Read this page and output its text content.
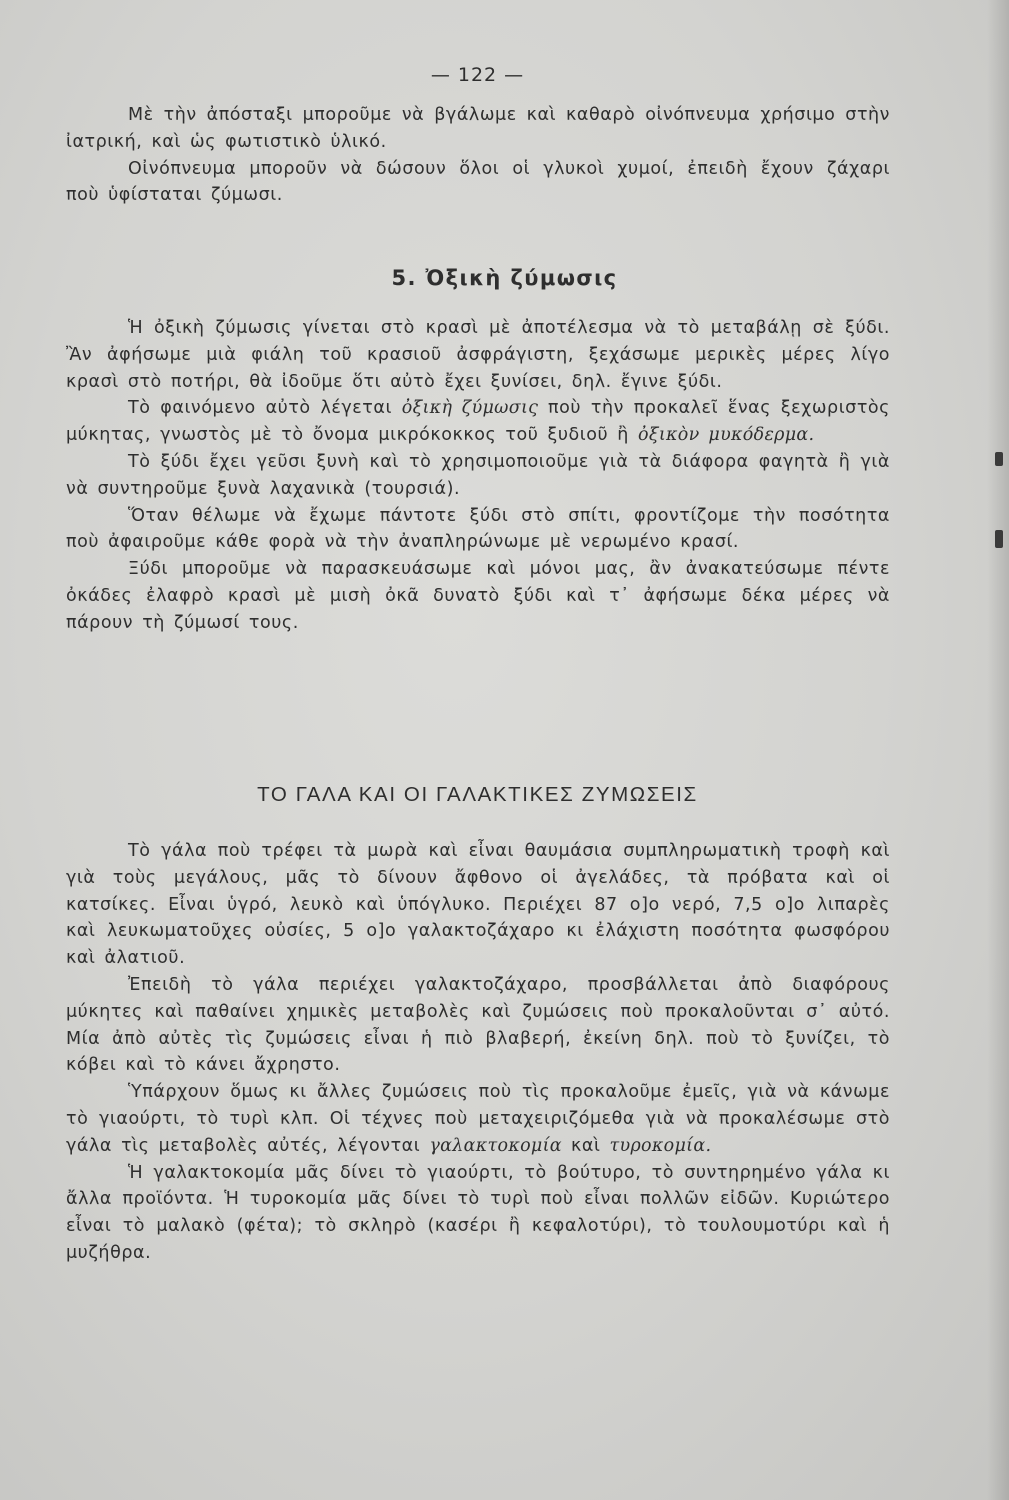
— 122 —

Μὲ τὴν ἀπόσταξι μποροῦμε νὰ βγάλωμε καὶ καθαρὸ οἰνόπνευμα χρήσιμο στὴν ἰατρική, καὶ ὡς φωτιστικὸ ὑλικό.

Οἰνόπνευμα μποροῦν νὰ δώσουν ὅλοι οἱ γλυκοὶ χυμοί, ἐπειδὴ ἔχουν ζάχαρι ποὺ ὑφίσταται ζύμωσι.

5. Ὀξικὴ ζύμωσις

Ἡ ὀξικὴ ζύμωσις γίνεται στὸ κρασὶ μὲ ἀποτέλεσμα νὰ τὸ μεταβάλῃ σὲ ξύδι. Ἂν ἀφήσωμε μιὰ φιάλη τοῦ κρασιοῦ ἀσφράγιστη, ξεχάσωμε μερικὲς μέρες λίγο κρασὶ στὸ ποτήρι, θὰ ἰδοῦμε ὅτι αὐτὸ ἔχει ξυνίσει, δηλ. ἔγινε ξύδι.

Τὸ φαινόμενο αὐτὸ λέγεται ὀξικὴ ζύμωσις ποὺ τὴν προκαλεῖ ἕνας ξεχωριστὸς μύκητας, γνωστὸς μὲ τὸ ὄνομα μικρόκοκκος τοῦ ξυδιοῦ ἢ ὀξικὸν μυκόδερμα.

Τὸ ξύδι ἔχει γεῦσι ξυνὴ καὶ τὸ χρησιμοποιοῦμε γιὰ τὰ διάφορα φαγητὰ ἢ γιὰ νὰ συντηροῦμε ξυνὰ λαχανικὰ (τουρσιά).

Ὅταν θέλωμε νὰ ἔχωμε πάντοτε ξύδι στὸ σπίτι, φροντίζομε τὴν ποσότητα ποὺ ἀφαιροῦμε κάθε φορὰ νὰ τὴν ἀναπληρώνωμε μὲ νερωμένο κρασί.

Ξύδι μποροῦμε νὰ παρασκευάσωμε καὶ μόνοι μας, ἂν ἀνακατεύσωμε πέντε ὀκάδες ἐλαφρὸ κρασὶ μὲ μισὴ ὀκᾶ δυνατὸ ξύδι καὶ τ᾿ ἀφήσωμε δέκα μέρες νὰ πάρουν τὴ ζύμωσί τους.

ΤΟ ΓΑΛΑ ΚΑΙ ΟΙ ΓΑΛΑΚΤΙΚΕΣ ΖΥΜΩΣΕΙΣ

Τὸ γάλα ποὺ τρέφει τὰ μωρὰ καὶ εἶναι θαυμάσια συμπληρωματικὴ τροφὴ καὶ γιὰ τοὺς μεγάλους, μᾶς τὸ δίνουν ἄφθονο οἱ ἀγελάδες, τὰ πρόβατα καὶ οἱ κατσίκες. Εἶναι ὑγρό, λευκὸ καὶ ὑπόγλυκο. Περιέχει 87 ο]ο νερό, 7,5 ο]ο λιπαρὲς καὶ λευκωματοῦχες οὐσίες, 5 ο]ο γαλακτοζάχαρο κι ἐλάχιστη ποσότητα φωσφόρου καὶ ἀλατιοῦ.

Ἐπειδὴ τὸ γάλα περιέχει γαλακτοζάχαρο, προσβάλλεται ἀπὸ διαφόρους μύκητες καὶ παθαίνει χημικὲς μεταβολὲς καὶ ζυμώσεις ποὺ προκαλοῦνται σ᾿ αὐτό. Μία ἀπὸ αὐτὲς τὶς ζυμώσεις εἶναι ἡ πιὸ βλαβερή, ἐκείνη δηλ. ποὺ τὸ ξυνίζει, τὸ κόβει καὶ τὸ κάνει ἄχρηστο.

Ὑπάρχουν ὅμως κι ἄλλες ζυμώσεις ποὺ τὶς προκαλοῦμε ἐμεῖς, γιὰ νὰ κάνωμε τὸ γιαούρτι, τὸ τυρὶ κλπ. Οἱ τέχνες ποὺ μεταχειριζόμεθα γιὰ νὰ προκαλέσωμε στὸ γάλα τὶς μεταβολὲς αὐτές, λέγονται γαλακτοκομία καὶ τυροκομία.

Ἡ γαλακτοκομία μᾶς δίνει τὸ γιαούρτι, τὸ βούτυρο, τὸ συντηρημένο γάλα κι ἄλλα προϊόντα. Ἡ τυροκομία μᾶς δίνει τὸ τυρὶ ποὺ εἶναι πολλῶν εἰδῶν. Κυριώτερο εἶναι τὸ μαλακὸ (φέτα); τὸ σκληρὸ (κασέρι ἢ κεφαλοτύρι), τὸ τουλουμοτύρι καὶ ἡ μυζήθρα.
